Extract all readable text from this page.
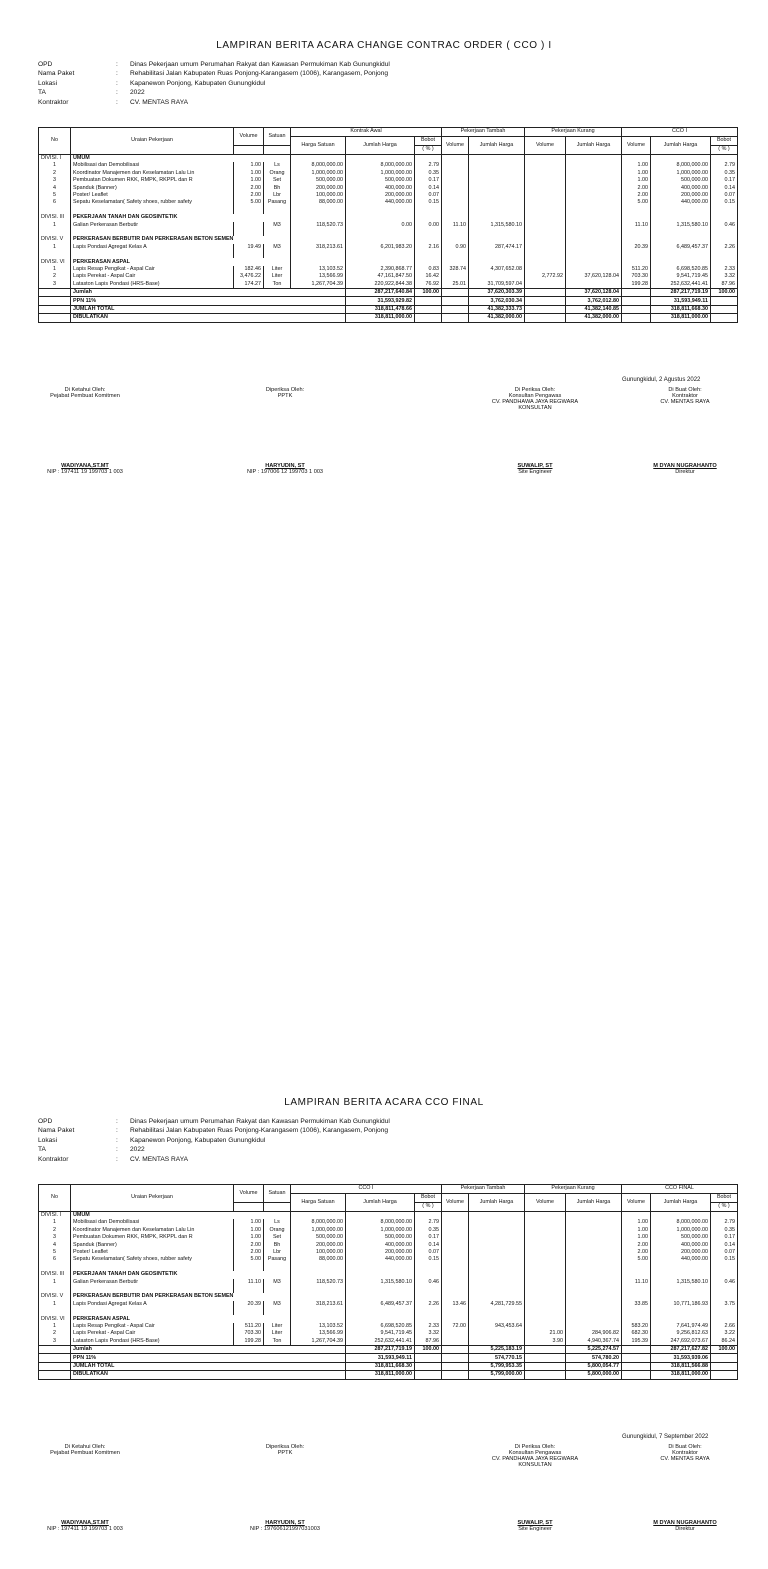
LAMPIRAN BERITA ACARA CHANGE CONTRAC ORDER ( CCO ) I
OPD	: Dinas Pekerjaan umum Perumahan Rakyat dan Kawasan Permukiman Kab Gunungkidul
Nama Paket	: Rehabilitasi Jalan Kabupaten Ruas Ponjong-Karangasem (1006), Karangasem, Ponjong
Lokasi	: Kapanewon Ponjong, Kabupaten Gunungkidul
TA	: 2022
Kontraktor	: CV. MENTAS RAYA
No	Uraian Pekerjaan	Volume	Satuan	Kontrak Awal			Pekerjaan Tambah		Pekerjaan Kurang		CCO I		
				Harga Satuan	Jumlah Harga	Bobot	Volume	Jumlah Harga	Volume	Jumlah Harga	Volume	Jumlah Harga	Bobot
						( % )							( % )
DIVISI. I	UMUM												
1	Mobilisasi dan Demobilisasi	1.00	Ls	8,000,000.00	8,000,000.00	2.79					1.00	8,000,000.00	2.79
2	Koordinator Manajemen dan Keselamatan Lalu Lin	1.00	Orang	1,000,000.00	1,000,000.00	0.35					1.00	1,000,000.00	0.35
3	Pembuatan Dokumen RKK, RMPK, RKPPL dan R	1.00	Set	500,000.00	500,000.00	0.17					1.00	500,000.00	0.17
4	Spanduk (Banner)	2.00	Bh	200,000.00	400,000.00	0.14					2.00	400,000.00	0.14
5	Poster/ Leaflet	2.00	Lbr	100,000.00	200,000.00	0.07					2.00	200,000.00	0.07
6	Sepatu Keselamatan( Safety shoes, rubber safety	5.00	Pasang	88,000.00	440,000.00	0.15					5.00	440,000.00	0.15

DIVISI. III	PEKERJAAN TANAH DAN GEOSINTETIK												
1	Galian Perkerasan Berbutir		M3	118,520.73	0.00	0.00	11.10	1,315,580.10			11.10	1,315,580.10	0.46

DIVISI. V	PERKERASAN BERBUTIR DAN PERKERASAN BETON SEMEN												
1	Lapis Pondasi Agregat Kelas A	19.49	M3	318,213.61	6,201,983.20	2.16	0.90	287,474.17			20.39	6,489,457.37	2.26

DIVISI. VI	PERKERASAN ASPAL												
1	Lapis Resap Pengikat - Aspal Cair	182.46	Liter	13,103.52	2,390,868.77	0.83	328.74	4,307,652.08			511.20	6,698,520.85	2.33
2	Lapis Perekat - Aspal Cair	3,476.22	Liter	13,566.99	47,161,847.50	16.42			2,772.92	37,620,128.04	703.30	9,541,719.45	3.32
3	Lataston Lapis Pondasi (HRS-Base)	174.27	Ton	1,267,704.39	220,922,844.38	76.92	25.01	31,709,597.04			199.28	252,632,441.41	87.96
	Jumlah				287,217,640.84	100.00		37,620,303.39		37,620,128.04		287,217,719.19	100.00
	PPN 11%				31,593,929.82			3,762,030.34		3,762,012.80		31,593,949.11	
	JUMLAH TOTAL				318,811,478.66			41,382,333.73		41,382,140.85		318,811,668.30	
	DIBULATKAN				318,811,000.00			41,382,000.00		41,382,000.00		318,811,000.00	
Gunungkidul, 2 Agustus 2022
Di Ketahui Oleh:
Pejabat Pembuat Komitmen
WADIYANA,ST.MT
NIP : 197411 19 199703 1 003
Diperiksa Oleh:
PPTK
HARYUDIN, ST
NIP : 197006 12 199703 1 003
Di Periksa Oleh:
Konsultan Pengawas
CV. PANDHAWA JAYA REGWARA
KONSULTAN
SUWALIP, ST
Site Engineer
Di Buat Oleh:
Kontraktor
CV. MENTAS RAYA
M DYAN NUGRAHANTO
Direktur
LAMPIRAN BERITA ACARA CCO FINAL
OPD	: Dinas Pekerjaan umum Perumahan Rakyat dan Kawasan Permukiman Kab Gunungkidul
Nama Paket	: Rehabilitasi Jalan Kabupaten Ruas Ponjong-Karangasem (1006), Karangasem, Ponjong
Lokasi	: Kapanewon Ponjong, Kabupaten Gunungkidul
TA	: 2022
Kontraktor	: CV. MENTAS RAYA
No	Uraian Pekerjaan	Volume	Satuan	CCO I			Pekerjaan Tambah		Pekerjaan Kurang		CCO FINAL		
				Harga Satuan	Jumlah Harga	Bobot	Volume	Jumlah Harga	Volume	Jumlah Harga	Volume	Jumlah Harga	Bobot
						( % )							( % )
DIVISI. I	UMUM												
1	Mobilisasi dan Demobilisasi	1.00	Ls	8,000,000.00	8,000,000.00	2.79					1.00	8,000,000.00	2.79
2	Koordinator Manajemen dan Keselamatan Lalu Lin	1.00	Orang	1,000,000.00	1,000,000.00	0.35					1.00	1,000,000.00	0.35
3	Pembuatan Dokumen RKK, RMPK, RKPPL dan R	1.00	Set	500,000.00	500,000.00	0.17					1.00	500,000.00	0.17
4	Spanduk (Banner)	2.00	Bh	200,000.00	400,000.00	0.14					2.00	400,000.00	0.14
5	Poster/ Leaflet	2.00	Lbr	100,000.00	200,000.00	0.07					2.00	200,000.00	0.07
6	Sepatu Keselamatan( Safety shoes, rubber safety	5.00	Pasang	88,000.00	440,000.00	0.15					5.00	440,000.00	0.15

DIVISI. III	PEKERJAAN TANAH DAN GEOSINTETIK												
1	Galian Perkerasan Berbutir	11.10	M3	118,520.73	1,315,580.10	0.46					11.10	1,315,580.10	0.46

DIVISI. V	PERKERASAN BERBUTIR DAN PERKERASAN BETON SEMEN												
1	Lapis Pondasi Agregat Kelas A	20.39	M3	318,213.61	6,489,457.37	2.26	13.46	4,281,729.55			33.85	10,771,186.93	3.75

DIVISI. VI	PERKERASAN ASPAL												
1	Lapis Resap Pengikat - Aspal Cair	511.20	Liter	13,103.52	6,698,520.85	2.33	72.00	943,453.64			583.20	7,641,974.49	2.66
2	Lapis Perekat - Aspal Cair	703.30	Liter	13,566.99	9,541,719.45	3.32			21.00	284,906.82	682.30	9,256,812.63	3.22
3	Lataston Lapis Pondasi (HRS-Base)	199.28	Ton	1,267,704.39	252,632,441.41	87.96			3.90	4,940,367.74	195.39	247,692,073.67	86.24
	Jumlah				287,217,719.19	100.00		5,225,183.19		5,225,274.57		287,217,627.82	100.00
	PPN 11%				31,593,949.11			574,770.15		574,780.20		31,593,939.06	
	JUMLAH TOTAL				318,811,668.30			5,799,953.35		5,800,054.77		318,811,566.88	
	DIBULATKAN				318,811,000.00			5,799,000.00		5,800,000.00		318,811,000.00	
Gunungkidul, 7 September 2022
Di Ketahui Oleh:
Pejabat Pembuat Komitmen
WADIYANA,ST.MT
NIP : 197411 19 199703 1 003
Diperiksa Oleh:
PPTK
HARYUDIN, ST
NIP : 197606121997031003
Di Periksa Oleh:
Konsultan Pengawas
CV. PANDHAWA JAYA REGWARA
KONSULTAN
SUWALIP, ST
Site Engineer
Di Buat Oleh:
Kontraktor
CV. MENTAS RAYA
M DYAN NUGRAHANTO
Direktur
